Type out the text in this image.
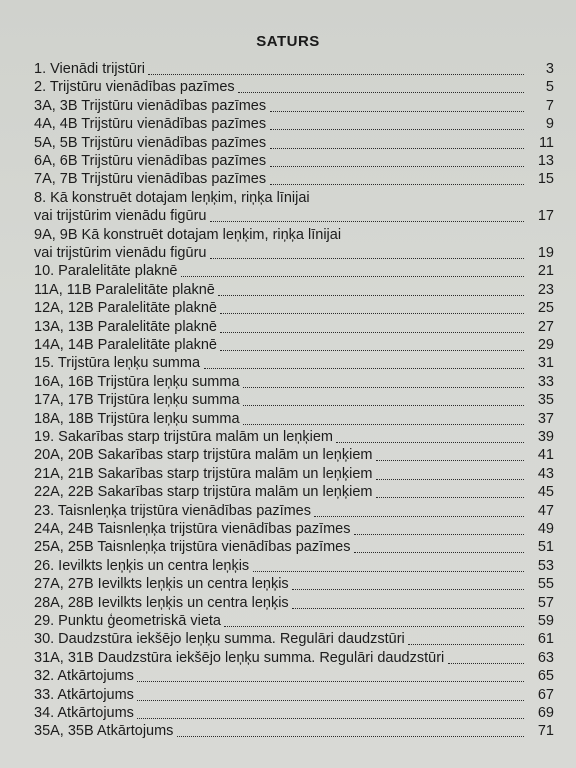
SATURS
1. Vienādi trijstūri	3
2. Trijstūru vienādības pazīmes	5
3A, 3B Trijstūru vienādības pazīmes	7
4A, 4B Trijstūru vienādības pazīmes	9
5A, 5B Trijstūru vienādības pazīmes	11
6A, 6B Trijstūru vienādības pazīmes	13
7A, 7B Trijstūru vienādības pazīmes	15
8. Kā konstruēt dotajam leņķim, riņķa līnijai
vai trijstūrim vienādu figūru	17
9A, 9B Kā konstruēt dotajam leņķim, riņķa līnijai
vai trijstūrim vienādu figūru	19
10. Paralelitāte plaknē	21
11A, 11B Paralelitāte plaknē	23
12A, 12B Paralelitāte plaknē	25
13A, 13B Paralelitāte plaknē	27
14A, 14B Paralelitāte plaknē	29
15. Trijstūra leņķu summa	31
16A, 16B Trijstūra leņķu summa	33
17A, 17B Trijstūra leņķu summa	35
18A, 18B Trijstūra leņķu summa	37
19. Sakarības starp trijstūra malām un leņķiem	39
20A, 20B Sakarības starp trijstūra malām un leņķiem	41
21A, 21B Sakarības starp trijstūra malām un leņķiem	43
22A, 22B Sakarības starp trijstūra malām un leņķiem	45
23. Taisnleņķa trijstūra vienādības pazīmes	47
24A, 24B Taisnleņķa trijstūra vienādības pazīmes	49
25A, 25B Taisnleņķa trijstūra vienādības pazīmes	51
26. Ievilkts leņķis un centra leņķis	53
27A, 27B Ievilkts leņķis un centra leņķis	55
28A, 28B Ievilkts leņķis un centra leņķis	57
29. Punktu ģeometriskā vieta	59
30. Daudzstūra iekšējo leņķu summa. Regulāri daudzstūri	61
31A, 31B Daudzstūra iekšējo leņķu summa. Regulāri daudzstūri	63
32. Atkārtojums	65
33. Atkārtojums	67
34. Atkārtojums	69
35A, 35B Atkārtojums	71
